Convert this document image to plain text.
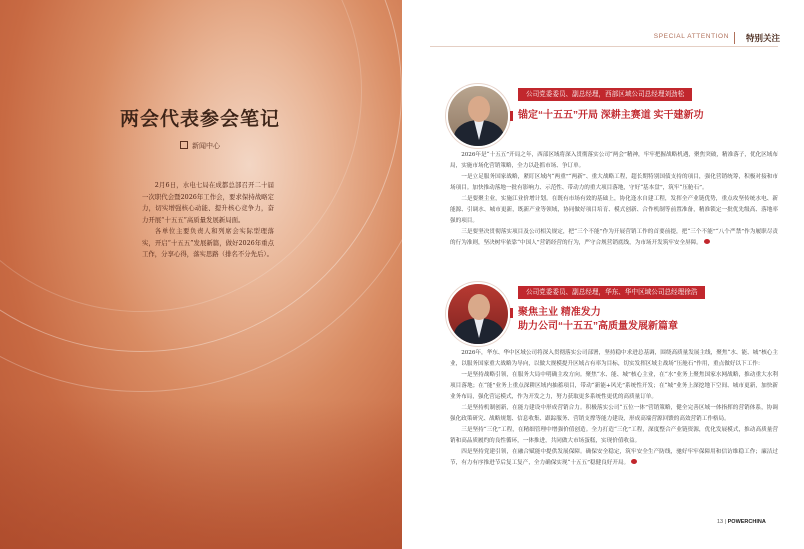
两会代表参会笔记
新闻中心

2月6日，水电七局在成都总部召开二十届一次职代会暨2026年工作会，要求保持战略定力，切实增强核心动能、提升核心竞争力，奋力开展“十五五”高质量发展新局面。

各单位主要负责人和列席会实际型理落实，开启“十五五”发展新篇，做好2026年重点工作，分享心得，落实思路（排名不分先后）。

SPECIAL ATTENTION 特别关注
公司党委委员、副总经理，西部区域公司总经理刘劲松
锚定“十五五”开局 深耕主赛道 实干建新功

2026年是“十五五”开局之年，西部区域将深入贯彻落实公司“两会”精神，牢牢把握战略机遇，聚焦突破，精准落子，优化区域布局，实施市场化营销策略，全力以赴抓市场、争订单。

一是立足服务国家战略，紧盯区域内“两重”“两新”、重大战略工程，超长期特别国债支持的项目，强化营销统筹，积极对接和市场项目。加快推动落地一批有影响力、示范性、带动力的重大项目落地，守好“基本盘”，筑牢“压舱石”。

二是要聚主业，实施江业价增计划。在既有市场有效的基础上，协化逢水自建工程，发挥全产业链优势，重点攻坚传统水电、新能源、引调水、城市更新，既新产业等领域，协同做好项目培育、模式创新、合作机制等前置准备，精准锁定一批优先级高、落地率强的项目。

三是要坚决贯彻落实项目及公司相关规定，把“三个不能”作为开展营销工作的首要前提，把“三个不能”“八个严禁”作为履职尽责的行为准则，坚决树牢依靠“中国人”营销经营的行为，严守合规营销底线，为市场开发筑牢安全屏障。

公司党委委员、副总经理，华东、华中区域公司总经理徐浩
聚焦主业 精准发力
助力公司“十五五”高质量发展新篇章

2026年，华东、华中区域公司将深入贯彻落实公司部署，坚持稳中求进总基调，围绕高质量发展主线，聚焦“水、能、城”核心主业，以服务国家重大战略为导向，以做大规模提升区域占有率为目标，切实发挥区域主战场“压舱石”作用，重点做好以下工作：

一是坚持战略引领，在服务大局中明确主攻方向。聚焦“水、能、城”核心主业，在“水”业务上聚焦国家水网战略，推动重大水利项目落地；在“能”业务上重点深耕区域内抽蓄项目，带动“新能+风光”系统性开发；在“城”业务上深挖地下空间、城市更新，加快新业务布局，强化营运模式，作为开发之力，努力获取更多系统性更优的高质量订单。

二是坚持机制创新，在能力建设中形成营销合力。积极落实公司“五位一体”营销策略，健全完善区域一体指挥的营销体系，协调强化政策研究、战略规划、信息收集、跟踪服务、营销支撑等能力建设，形成高端营源回馈的高效营销工作格局。

三是坚持“三化”工程，在精细管理中增强价值创造。全力打造“三化”工程，深度整合产业链资源，优化发展模式，推动高质量营销和高品质履约的良性循环，一体推进，共同做大市场蛋糕，实现价值收益。

四是坚持党建引领，在融合赋能中提供发展保障。确保安全稳定，筑牢安全生产防线，驰好牢牢保障用和信访维稳工作；廉洁过节，有力有序推进节后复工复产，全力确保实现“十五五”稳健良好开局。

13 | POWERCHINA
